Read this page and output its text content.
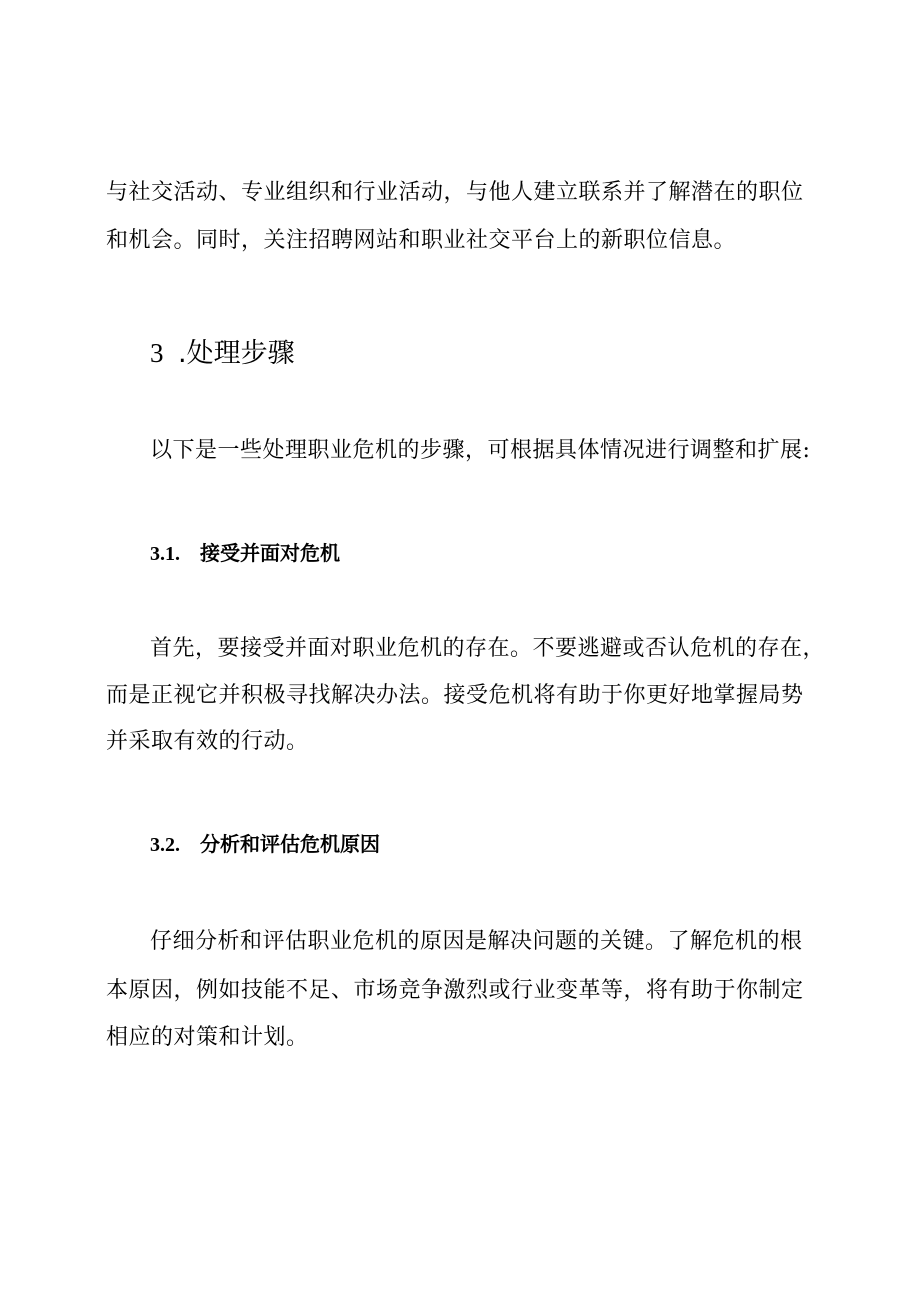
与社交活动、专业组织和行业活动，与他人建立联系并了解潜在的职位
和机会。同时，关注招聘网站和职业社交平台上的新职位信息。
3 .处理步骤
以下是一些处理职业危机的步骤，可根据具体情况进行调整和扩展:
3.1. 接受并面对危机
首先，要接受并面对职业危机的存在。不要逃避或否认危机的存在，
而是正视它并积极寻找解决办法。接受危机将有助于你更好地掌握局势
并采取有效的行动。
3.2. 分析和评估危机原因
仔细分析和评估职业危机的原因是解决问题的关键。了解危机的根
本原因，例如技能不足、市场竞争激烈或行业变革等，将有助于你制定
相应的对策和计划。
